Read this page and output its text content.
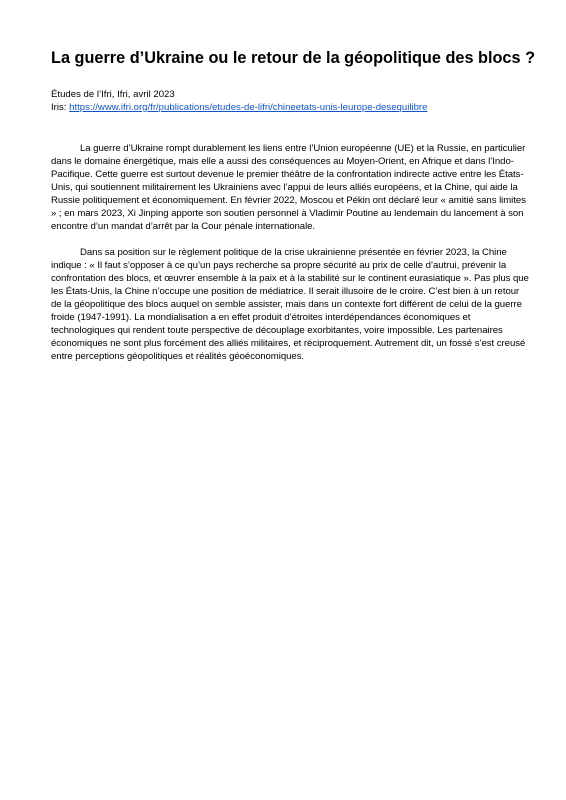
La guerre d’Ukraine ou le retour de la géopolitique des blocs ?

Études de l’Ifri, Ifri, avril 2023

Iris: https://www.ifri.org/fr/publications/etudes-de-lifri/chineetats-unis-leurope-desequilibre

La guerre d’Ukraine rompt durablement les liens entre l’Union européenne (UE) et la Russie, en particulier dans le domaine énergétique, mais elle a aussi des conséquences au Moyen-Orient, en Afrique et dans l’Indo-Pacifique. Cette guerre est surtout devenue le premier théâtre de la confrontation indirecte active entre les États-Unis, qui soutiennent militairement les Ukrainiens avec l’appui de leurs alliés européens, et la Chine, qui aide la Russie politiquement et économiquement. En février 2022, Moscou et Pékin ont déclaré leur « amitié sans limites » ; en mars 2023, Xi Jinping apporte son soutien personnel à Vladimir Poutine au lendemain du lancement à son encontre d’un mandat d’arrêt par la Cour pénale internationale.

Dans sa position sur le règlement politique de la crise ukrainienne présentée en février 2023, la Chine indique : « Il faut s’opposer à ce qu’un pays recherche sa propre sécurité au prix de celle d’autrui, prévenir la confrontation des blocs, et œuvrer ensemble à la paix et à la stabilité sur le continent eurasiatique ». Pas plus que les États-Unis, la Chine n’occupe une position de médiatrice. Il serait illusoire de le croire. C’est bien à un retour de la géopolitique des blocs auquel on semble assister, mais dans un contexte fort différent de celui de la guerre froide (1947-1991). La mondialisation a en effet produit d’étroites interdépendances économiques et technologiques qui rendent toute perspective de découplage exorbitantes, voire impossible. Les partenaires économiques ne sont plus forcément des alliés militaires, et réciproquement. Autrement dit, un fossé s’est creusé entre perceptions géopolitiques et réalités géoéconomiques.
